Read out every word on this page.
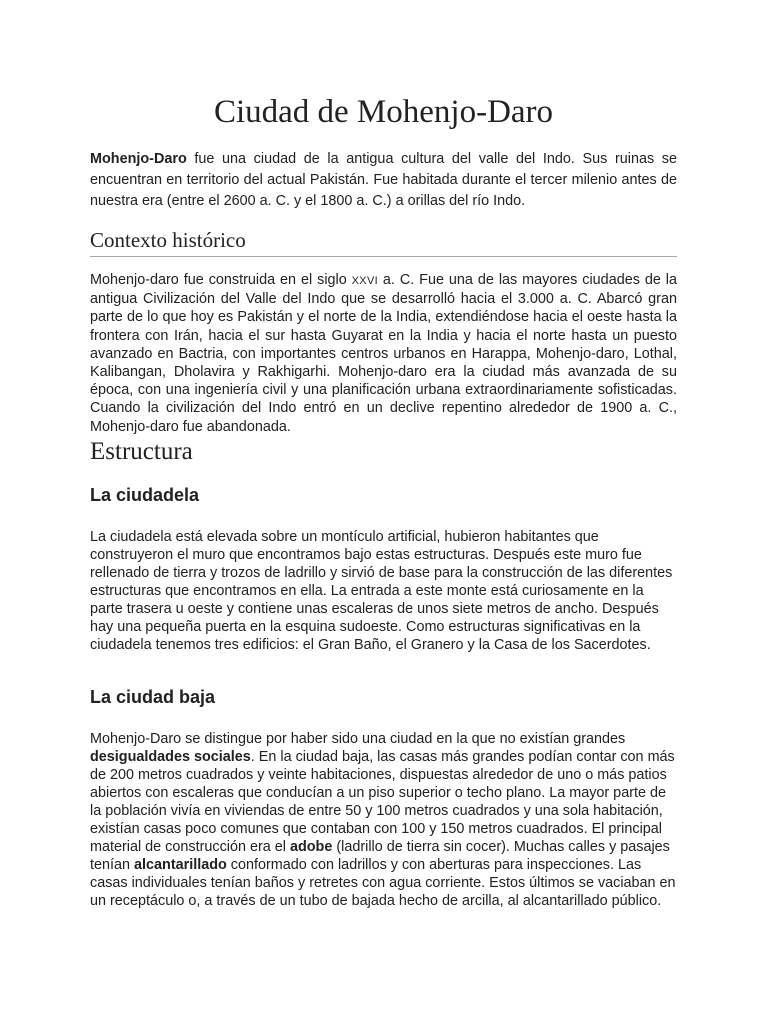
Ciudad de Mohenjo-Daro

Mohenjo-Daro fue una ciudad de la antigua cultura del valle del Indo. Sus ruinas se encuentran en territorio del actual Pakistán. Fue habitada durante el tercer milenio antes de nuestra era (entre el 2600 a. C. y el 1800 a. C.) a orillas del río Indo.

Contexto histórico

Mohenjo-daro fue construida en el siglo XXVI a. C. Fue una de las mayores ciudades de la antigua Civilización del Valle del Indo que se desarrolló hacia el 3.000 a. C. Abarcó gran parte de lo que hoy es Pakistán y el norte de la India, extendiéndose hacia el oeste hasta la frontera con Irán, hacia el sur hasta Guyarat en la India y hacia el norte hasta un puesto avanzado en Bactria, con importantes centros urbanos en Harappa, Mohenjo-daro, Lothal, Kalibangan, Dholavira y Rakhigarhi. Mohenjo-daro era la ciudad más avanzada de su época, con una ingeniería civil y una planificación urbana extraordinariamente sofisticadas. Cuando la civilización del Indo entró en un declive repentino alrededor de 1900 a. C., Mohenjo-daro fue abandonada.

Estructura
La ciudadela

La ciudadela está elevada sobre un montículo artificial, hubieron habitantes que construyeron el muro que encontramos bajo estas estructuras. Después este muro fue rellenado de tierra y trozos de ladrillo y sirvió de base para la construcción de las diferentes estructuras que encontramos en ella. La entrada a este monte está curiosamente en la parte trasera u oeste y contiene unas escaleras de unos siete metros de ancho. Después hay una pequeña puerta en la esquina sudoeste. Como estructuras significativas en la ciudadela tenemos tres edificios: el Gran Baño, el Granero y la Casa de los Sacerdotes.

La ciudad baja

Mohenjo-Daro se distingue por haber sido una ciudad en la que no existían grandes desigualdades sociales. En la ciudad baja, las casas más grandes podían contar con más de 200 metros cuadrados y veinte habitaciones, dispuestas alrededor de uno o más patios abiertos con escaleras que conducían a un piso superior o techo plano. La mayor parte de la población vivía en viviendas de entre 50 y 100 metros cuadrados y una sola habitación, existían casas poco comunes que contaban con 100 y 150 metros cuadrados. El principal material de construcción era el adobe (ladrillo de tierra sin cocer). Muchas calles y pasajes tenían alcantarillado conformado con ladrillos y con aberturas para inspecciones. Las casas individuales tenían baños y retretes con agua corriente. Estos últimos se vaciaban en un receptáculo o, a través de un tubo de bajada hecho de arcilla, al alcantarillado público.
